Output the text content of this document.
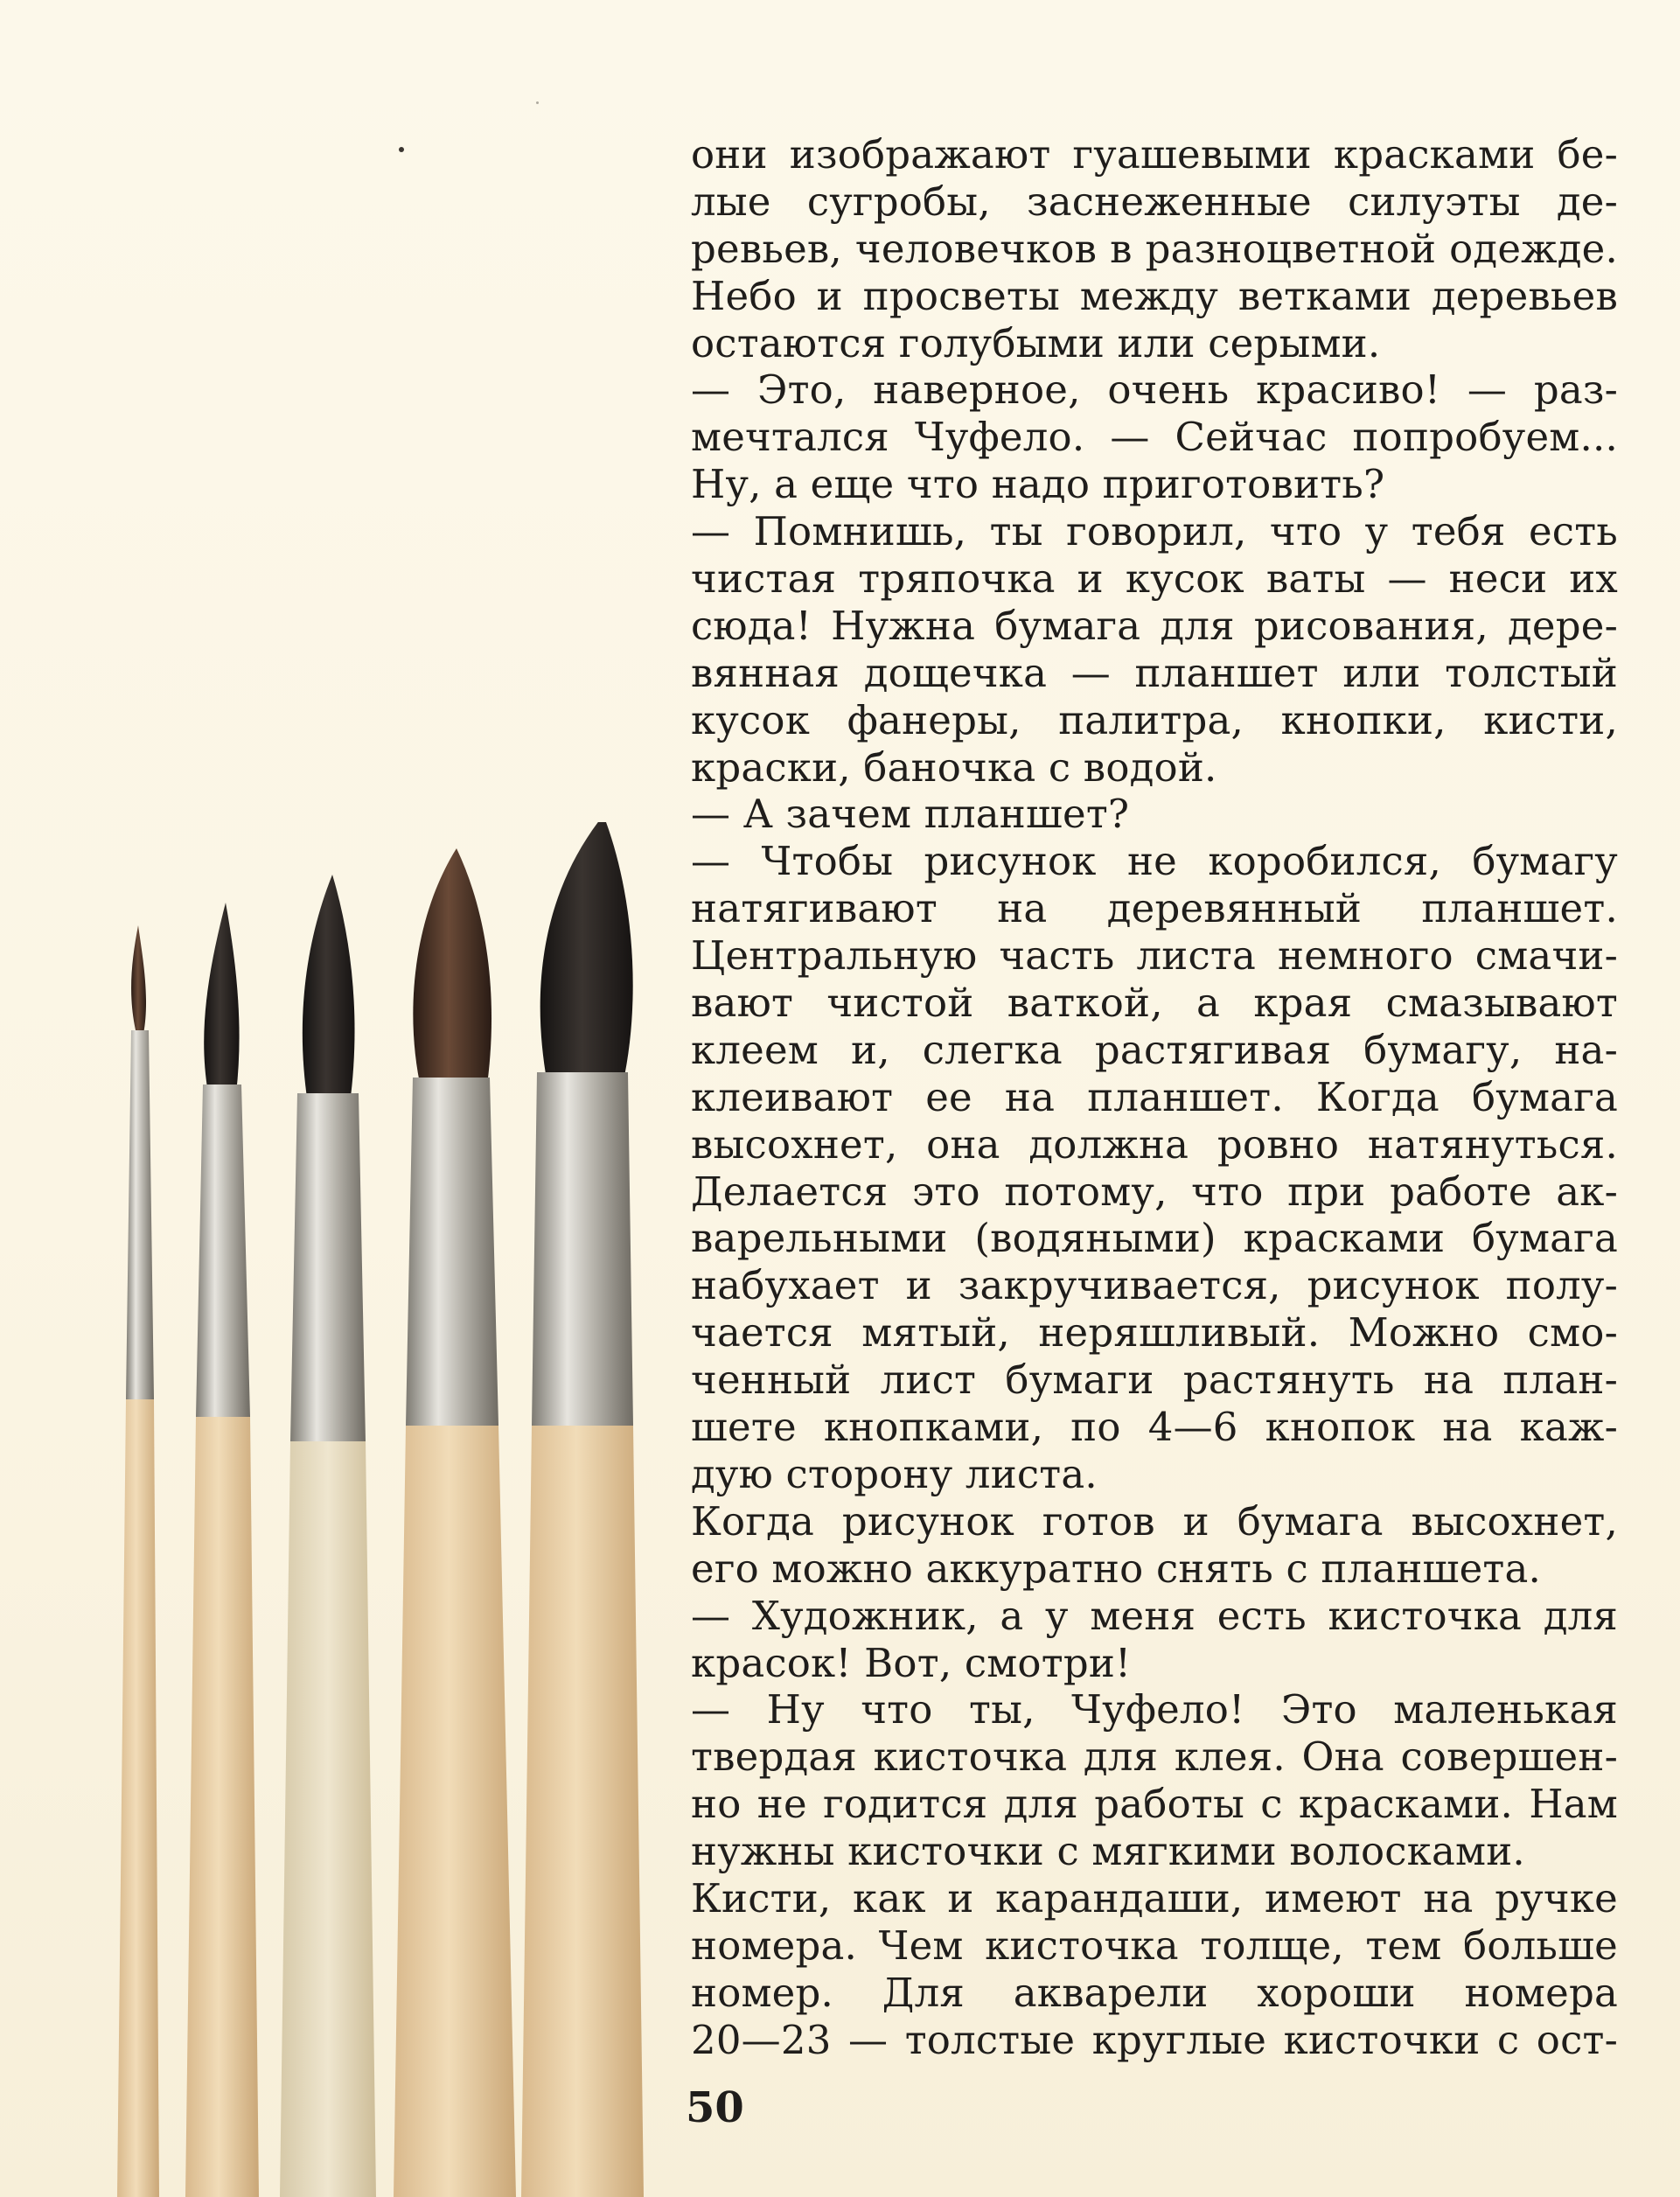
они изображают гуашевыми красками бе-
лые сугробы, заснеженные силуэты де-
ревьев, человечков в разноцветной одежде.
Небо и просветы между ветками деревьев
остаются голубыми или серыми.
— Это, наверное, очень красиво! — раз-
мечтался Чуфело. — Сейчас попробуем...
Ну, а еще что надо приготовить?
— Помнишь, ты говорил, что у тебя есть
чистая тряпочка и кусок ваты — неси их
сюда! Нужна бумага для рисования, дере-
вянная дощечка — планшет или толстый
кусок фанеры, палитра, кнопки, кисти,
краски, баночка с водой.
— А зачем планшет?
— Чтобы рисунок не коробился, бумагу
натягивают на деревянный планшет.
Центральную часть листа немного смачи-
вают чистой ваткой, а края смазывают
клеем и, слегка растягивая бумагу, на-
клеивают ее на планшет. Когда бумага
высохнет, она должна ровно натянуться.
Делается это потому, что при работе ак-
варельными (водяными) красками бумага
набухает и закручивается, рисунок полу-
чается мятый, неряшливый. Можно смо-
ченный лист бумаги растянуть на план-
шете кнопками, по 4—6 кнопок на каж-
дую сторону листа.
Когда рисунок готов и бумага высохнет,
его можно аккуратно снять с планшета.
— Художник, а у меня есть кисточка для
красок! Вот, смотри!
— Ну что ты, Чуфело! Это маленькая
твердая кисточка для клея. Она совершен-
но не годится для работы с красками. Нам
нужны кисточки с мягкими волосками.
Кисти, как и карандаши, имеют на ручке
номера. Чем кисточка толще, тем больше
номер. Для акварели хороши номера
20—23 — толстые круглые кисточки с ост-
50
